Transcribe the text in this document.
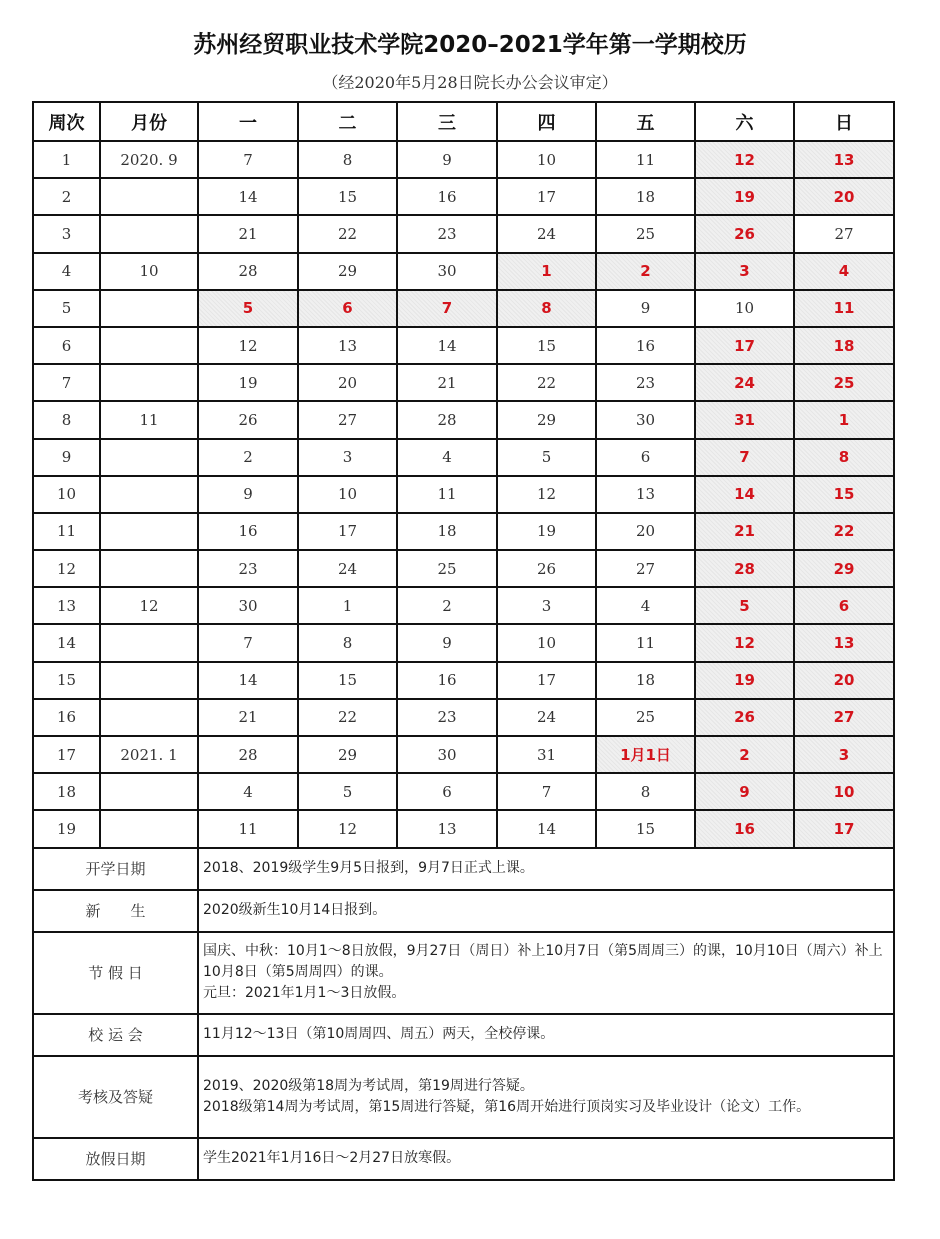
苏州经贸职业技术学院2020–2021学年第一学期校历
（经2020年5月28日院长办公会议审定）
周次	月份	一	二	三	四	五	六	日
1	2020. 9	7	8	9	10	11	12	13
2		14	15	16	17	18	19	20
3		21	22	23	24	25	26	27
4	10	28	29	30	1	2	3	4
5		5	6	7	8	9	10	11
6		12	13	14	15	16	17	18
7		19	20	21	22	23	24	25
8	11	26	27	28	29	30	31	1
9		2	3	4	5	6	7	8
10		9	10	11	12	13	14	15
11		16	17	18	19	20	21	22
12		23	24	25	26	27	28	29
13	12	30	1	2	3	4	5	6
14		7	8	9	10	11	12	13
15		14	15	16	17	18	19	20
16		21	22	23	24	25	26	27
17	2021. 1	28	29	30	31	1月1日	2	3
18		4	5	6	7	8	9	10
19		11	12	13	14	15	16	17
开学日期		2018、2019级学生9月5日报到，9月7日正式上课。						

新　　生		2020级新生10月14日报到。						

节 假 日		国庆、中秋：10月1～8日放假，9月27日（周日）补上10月7日（第5周周三）的课，10月10日（周六）补上10月8日（第5周周四）的课。
元旦：2021年1月1～3日放假。						

校 运 会		11月12～13日（第10周周四、周五）两天，全校停课。						

考核及答疑		2019、2020级第18周为考试周，第19周进行答疑。
2018级第14周为考试周，第15周进行答疑，第16周开始进行顶岗实习及毕业设计（论文）工作。						

放假日期		学生2021年1月16日～2月27日放寒假。						
